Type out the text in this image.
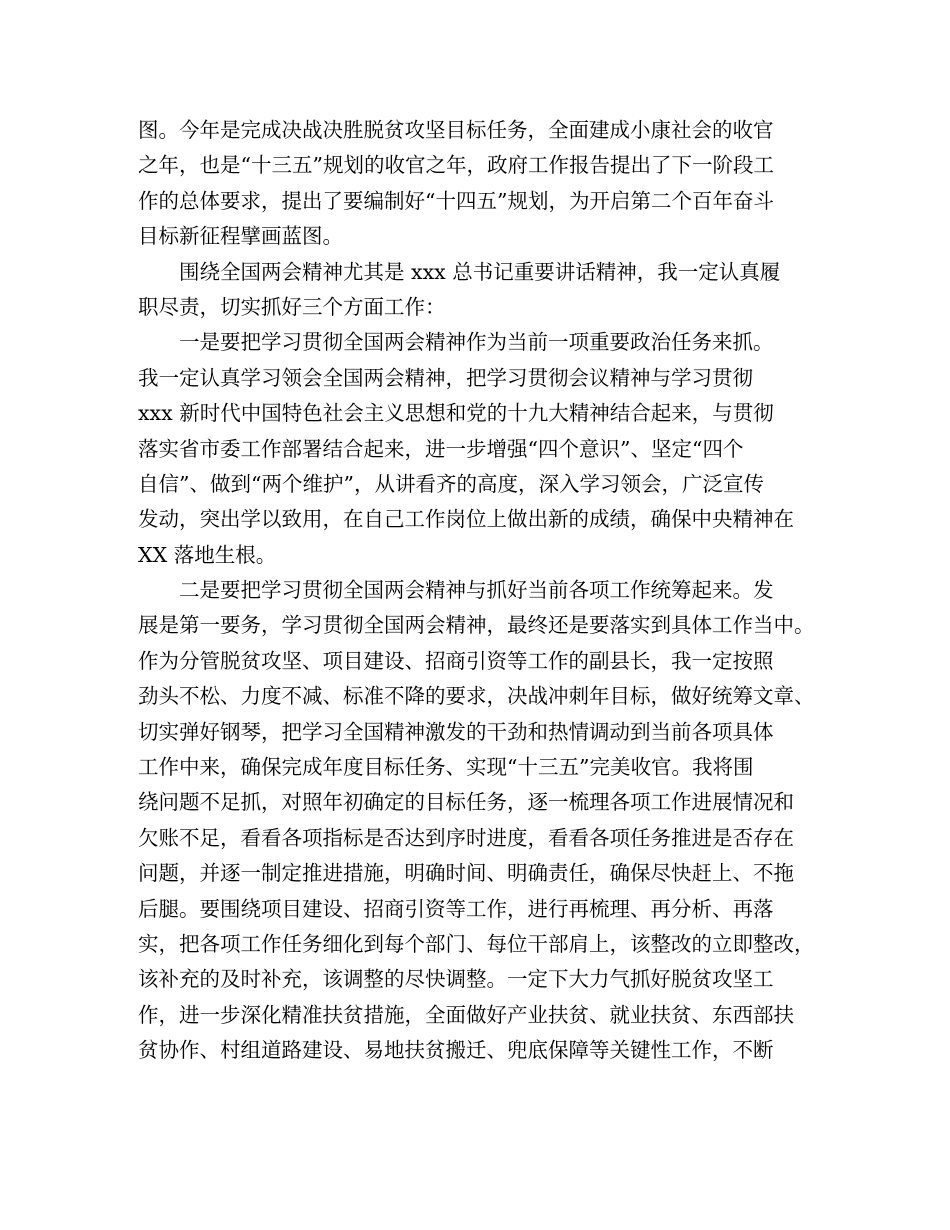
图。今年是完成决战决胜脱贫攻坚目标任务，全面建成小康社会的收官
之年，也是“十三五”规划的收官之年，政府工作报告提出了下一阶段工
作的总体要求，提出了要编制好“十四五”规划，为开启第二个百年奋斗
目标新征程擘画蓝图。
　　围绕全国两会精神尤其是 xxx 总书记重要讲话精神，我一定认真履
职尽责，切实抓好三个方面工作：
　　一是要把学习贯彻全国两会精神作为当前一项重要政治任务来抓。
我一定认真学习领会全国两会精神，把学习贯彻会议精神与学习贯彻
xxx 新时代中国特色社会主义思想和党的十九大精神结合起来，与贯彻
落实省市委工作部署结合起来，进一步增强“四个意识”、坚定“四个
自信”、做到“两个维护”，从讲看齐的高度，深入学习领会，广泛宣传
发动，突出学以致用，在自己工作岗位上做出新的成绩，确保中央精神在
XX 落地生根。
　　二是要把学习贯彻全国两会精神与抓好当前各项工作统筹起来。发
展是第一要务，学习贯彻全国两会精神，最终还是要落实到具体工作当中。
作为分管脱贫攻坚、项目建设、招商引资等工作的副县长，我一定按照
劲头不松、力度不减、标准不降的要求，决战冲刺年目标，做好统筹文章、
切实弹好钢琴，把学习全国精神激发的干劲和热情调动到当前各项具体
工作中来，确保完成年度目标任务、实现“十三五”完美收官。我将围
绕问题不足抓，对照年初确定的目标任务，逐一梳理各项工作进展情况和
欠账不足，看看各项指标是否达到序时进度，看看各项任务推进是否存在
问题，并逐一制定推进措施，明确时间、明确责任，确保尽快赶上、不拖
后腿。要围绕项目建设、招商引资等工作，进行再梳理、再分析、再落
实，把各项工作任务细化到每个部门、每位干部肩上，该整改的立即整改，
该补充的及时补充，该调整的尽快调整。一定下大力气抓好脱贫攻坚工
作，进一步深化精准扶贫措施，全面做好产业扶贫、就业扶贫、东西部扶
贫协作、村组道路建设、易地扶贫搬迁、兜底保障等关键性工作，不断
